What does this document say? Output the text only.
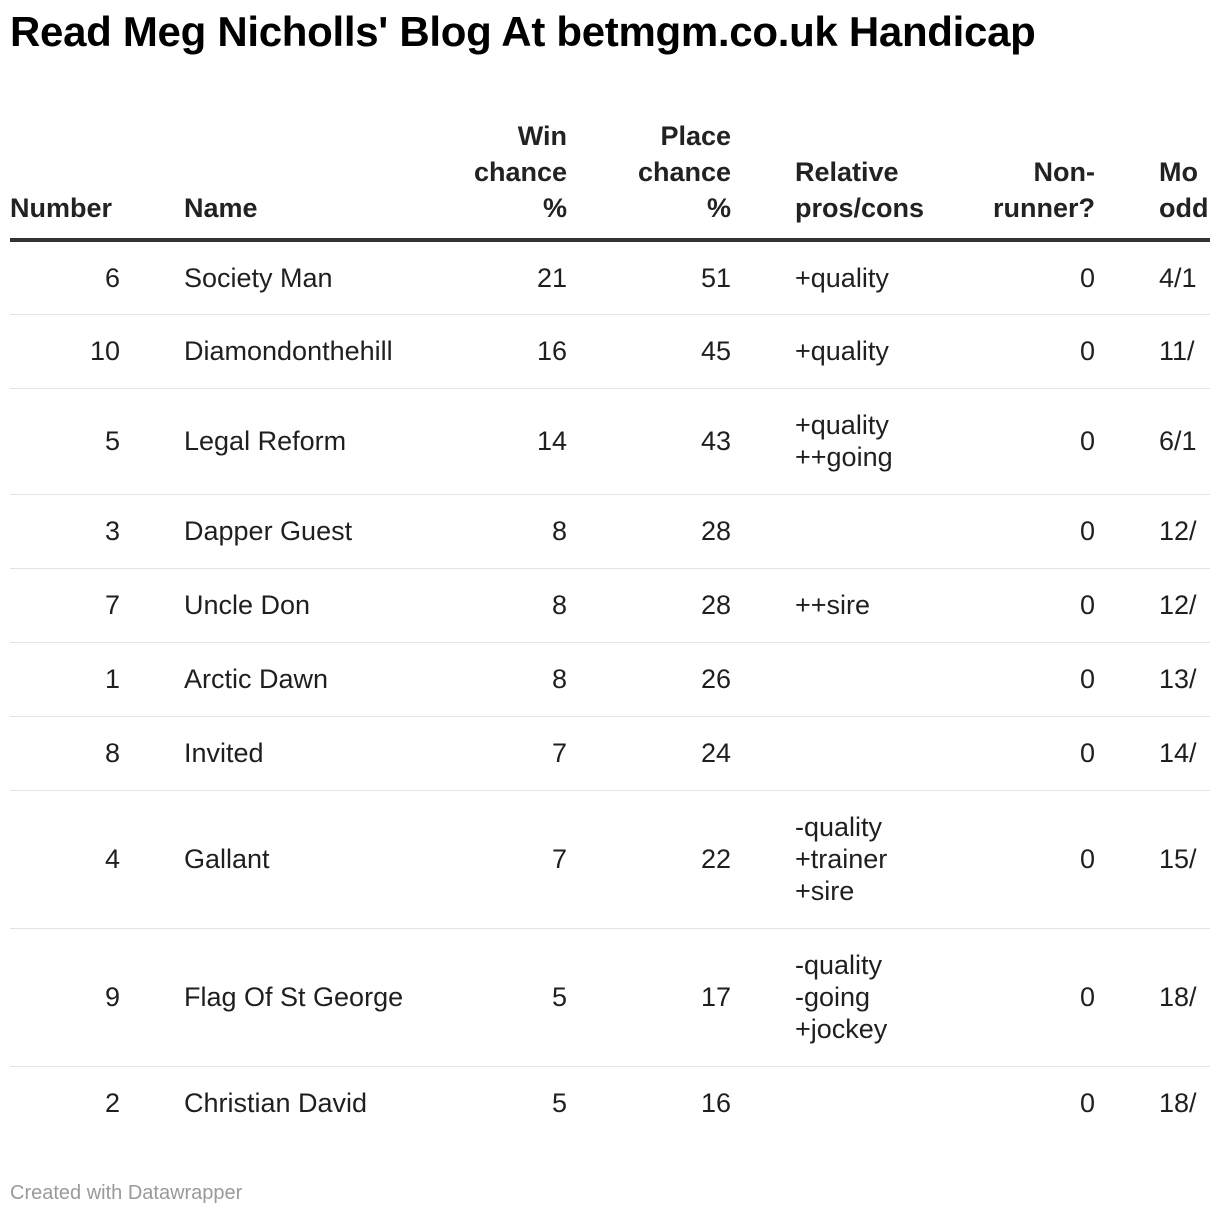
Read Meg Nicholls' Blog At betmgm.co.uk Handicap
Number	Name	Win
chance
%	Place
chance
%	Relative
pros/cons	Non-
runner?	Mo
odd
6	Society Man	21	51	+quality	0	4/1
10	Diamondonthehill	16	45	+quality	0	11/
5	Legal Reform	14	43	+quality
++going	0	6/1
3	Dapper Guest	8	28		0	12/
7	Uncle Don	8	28	++sire	0	12/
1	Arctic Dawn	8	26		0	13/
8	Invited	7	24		0	14/
4	Gallant	7	22	-quality
+trainer
+sire	0	15/
9	Flag Of St George	5	17	-quality
-going
+jockey	0	18/
2	Christian David	5	16		0	18/
Created with Datawrapper
